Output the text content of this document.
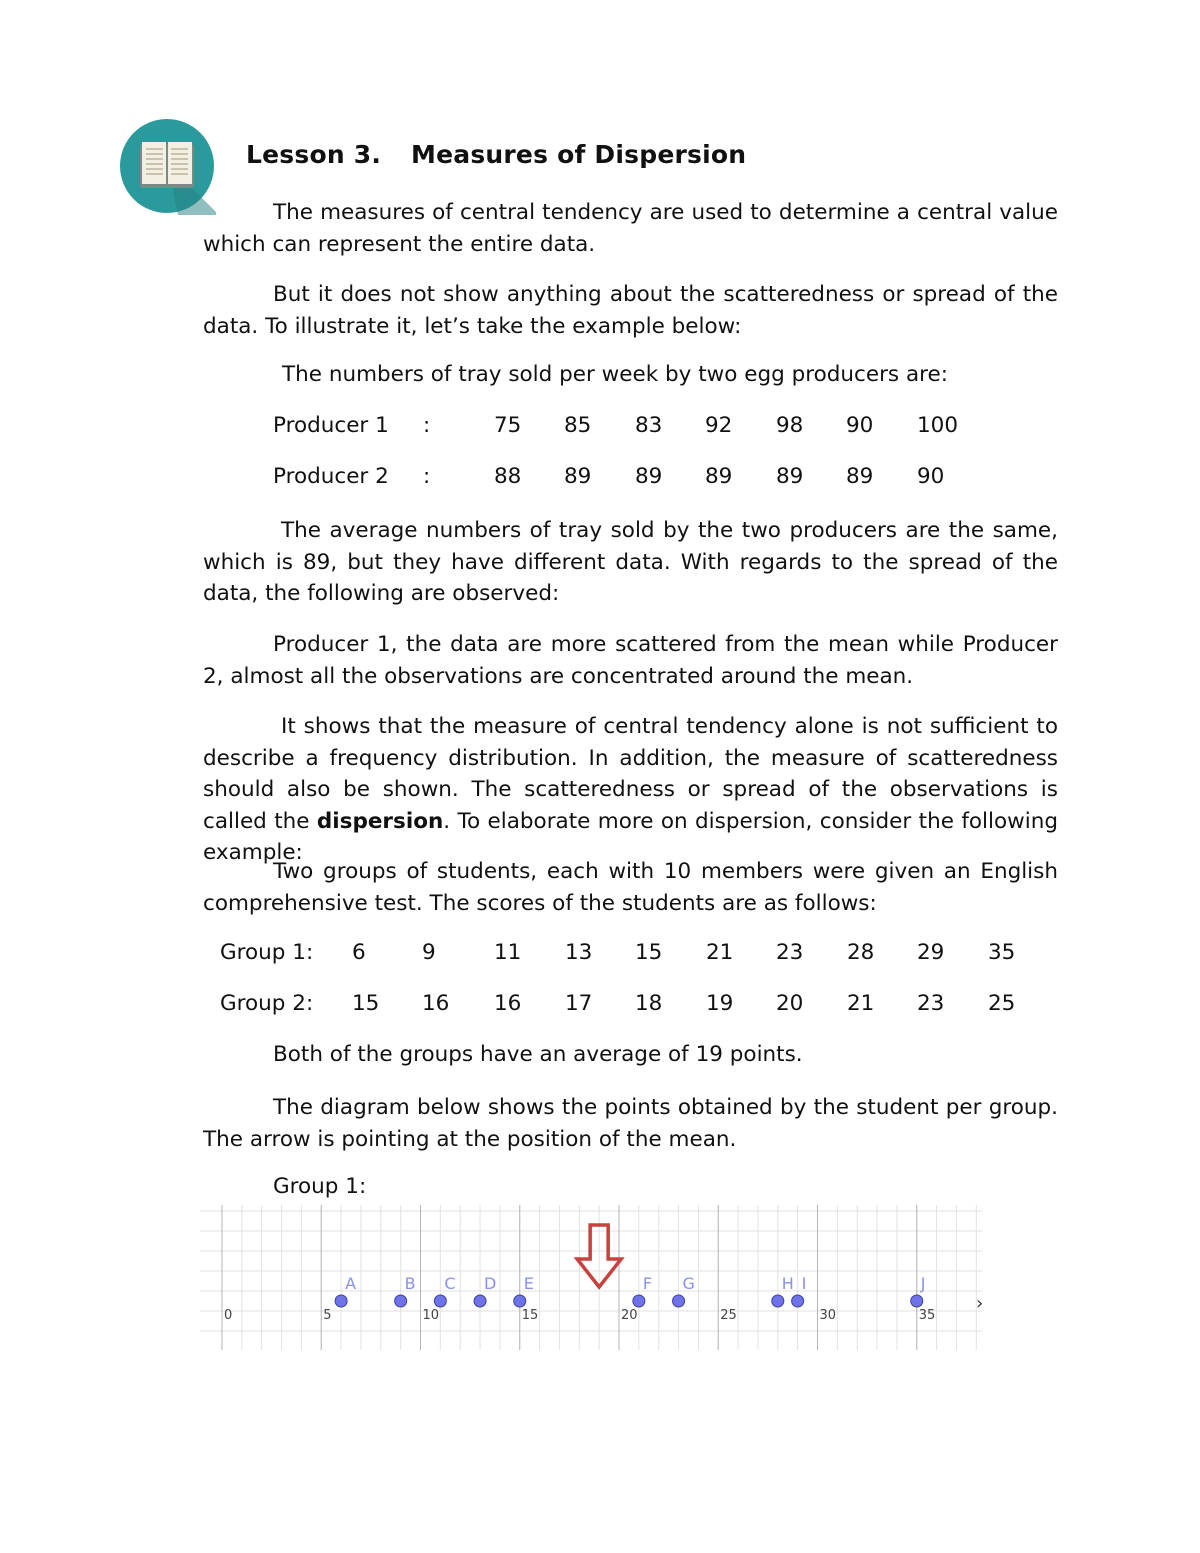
Lesson 3. Measures of Dispersion

The measures of central tendency are used to determine a central value which can represent the entire data.

But it does not show anything about the scatteredness or spread of the data. To illustrate it, let’s take the example below:

The numbers of tray sold per week by two egg producers are:

Producer 1 :	75 85 83 92 98 90 100
Producer 2 :	88 89 89 89 89 89 90

The average numbers of tray sold by the two producers are the same, which is 89, but they have different data. With regards to the spread of the data, the following are observed:

Producer 1, the data are more scattered from the mean while Producer 2, almost all the observations are concentrated around the mean.

It shows that the measure of central tendency alone is not sufficient to describe a frequency distribution. In addition, the measure of scatteredness should also be shown. The scatteredness or spread of the observations is called the dispersion. To elaborate more on dispersion, consider the following example:

Two groups of students, each with 10 members were given an English comprehensive test. The scores of the students are as follows:

Group 1: 6	9	11 13 15 21 23 28 29 35
Group 2: 15 16 16 17 18 19 20 21 23 25

Both of the groups have an average of 19 points.

The diagram below shows the points obtained by the student per group. The arrow is pointing at the position of the mean.

Group 1:

0	5	10	15	20	25	30	35
›
A	B C D E	F G	H I	J
